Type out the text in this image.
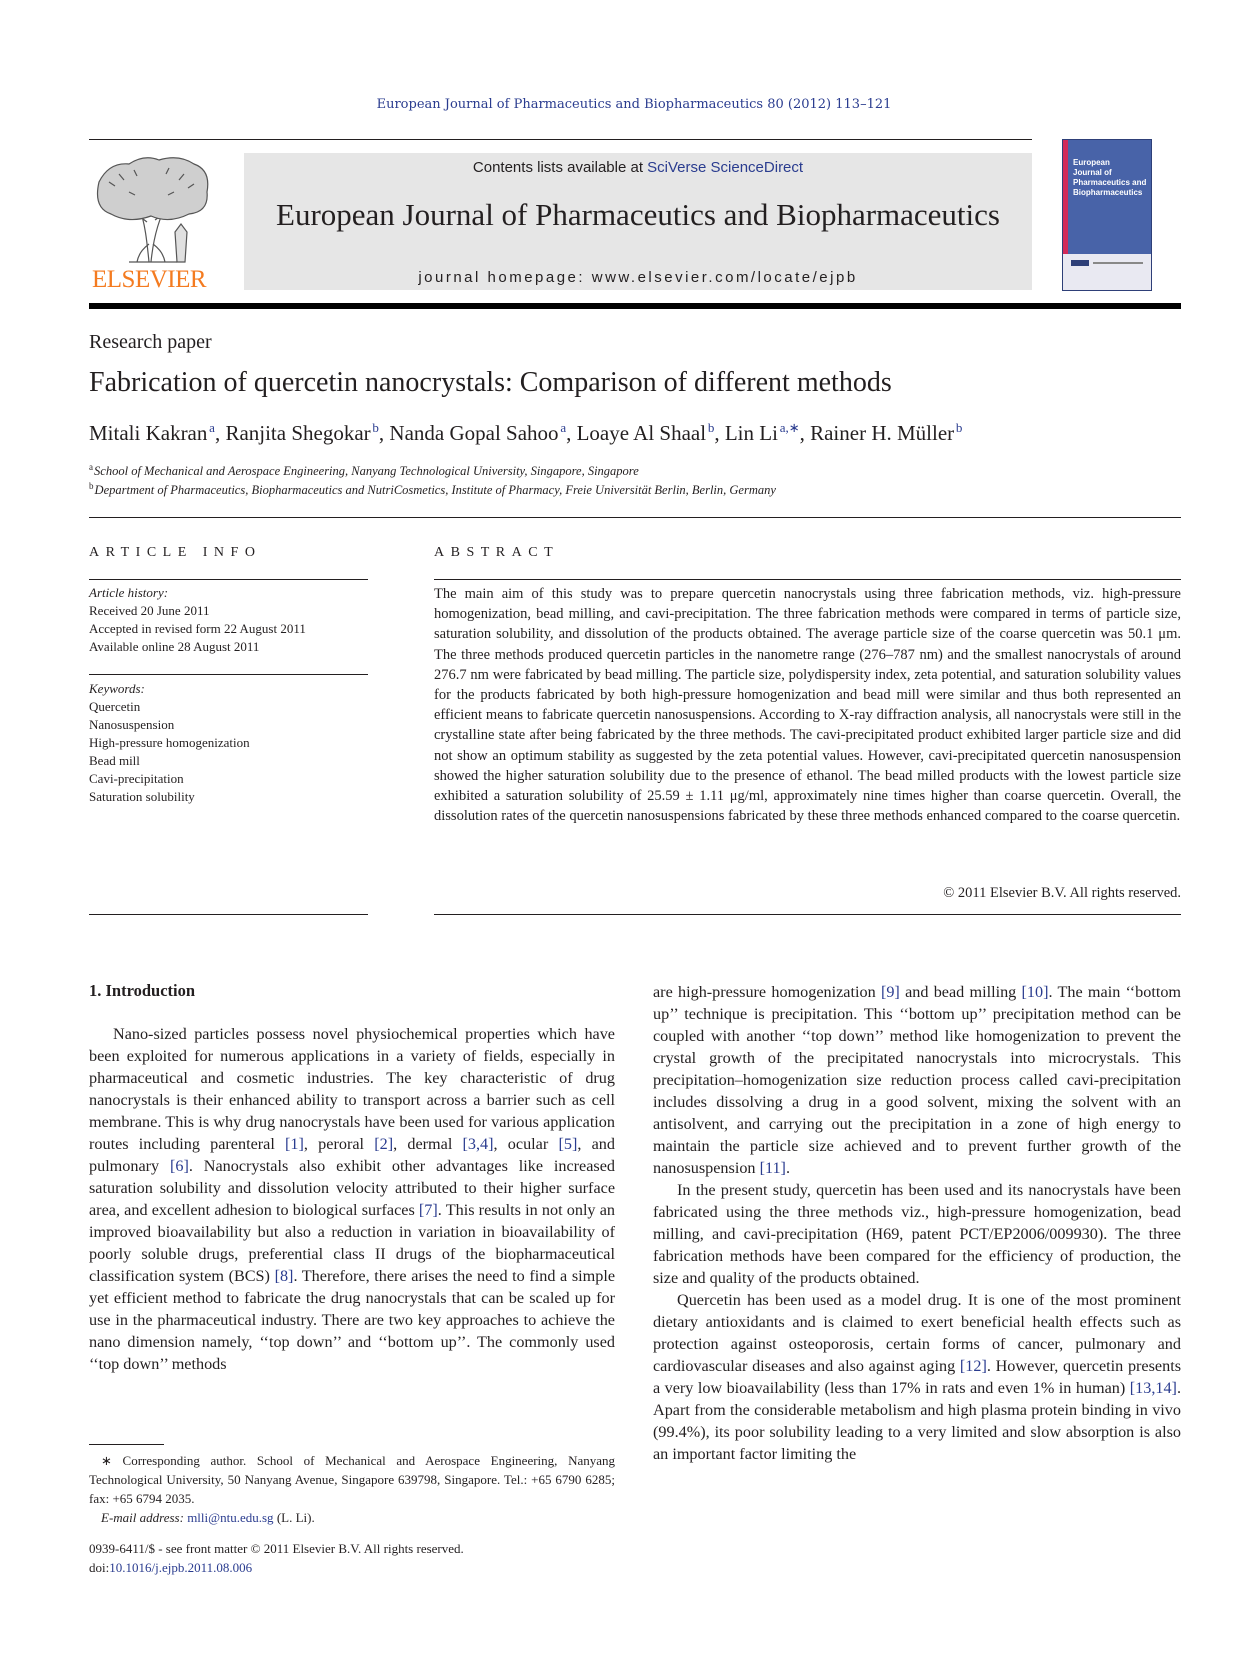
European Journal of Pharmaceutics and Biopharmaceutics 80 (2012) 113–121
ELSEVIER
Contents lists available at SciVerse ScienceDirect
European Journal of Pharmaceutics and Biopharmaceutics
journal homepage: www.elsevier.com/locate/ejpb
European
Journal of
Pharmaceutics and
Biopharmaceutics
Research paper
Fabrication of quercetin nanocrystals: Comparison of different methods
Mitali Kakran  $^a$, Ranjita Shegokar  $^b$, Nanda Gopal Sahoo  $^a$, Loaye Al Shaal  $^b$, Lin Li  $^{a,∗}$, Rainer H. Müller  $^b$
$^a$ School of Mechanical and Aerospace Engineering, Nanyang Technological University, Singapore, Singapore
$^b$ Department of Pharmaceutics, Biopharmaceutics and NutriCosmetics, Institute of Pharmacy, Freie Universität Berlin, Berlin, Germany
ARTICLE INFO	ABSTRACT
Article history:
Received 20 June 2011
Accepted in revised form 22 August 2011
Available online 28 August 2011
Keywords:
Quercetin
Nanosuspension
High-pressure homogenization
Bead mill
Cavi-precipitation
Saturation solubility
The main aim of this study was to prepare quercetin nanocrystals using three fabrication methods, viz. high-pressure homogenization, bead milling, and cavi-precipitation. The three fabrication methods were compared in terms of particle size, saturation solubility, and dissolution of the products obtained. The average particle size of the coarse quercetin was 50.1 μm. The three methods produced quercetin particles in the nanometre range (276–787 nm) and the smallest nanocrystals of around 276.7 nm were fabricated by bead milling. The particle size, polydispersity index, zeta potential, and saturation solubility values for the products fabricated by both high-pressure homogenization and bead mill were similar and thus both represented an efficient means to fabricate quercetin nanosuspensions. According to X-ray diffraction analysis, all nanocrystals were still in the crystalline state after being fabricated by the three methods. The cavi-precipitated product exhibited larger particle size and did not show an optimum stability as suggested by the zeta potential values. However, cavi-precipitated quercetin nanosuspension showed the higher saturation solubility due to the presence of ethanol. The bead milled products with the lowest particle size exhibited a saturation solubility of 25.59 ± 1.11 μg/ml, approximately nine times higher than coarse quercetin. Overall, the dissolution rates of the quercetin nanosuspensions fabricated by these three methods enhanced compared to the coarse quercetin.
© 2011 Elsevier B.V. All rights reserved.
1. Introduction

Nano-sized particles possess novel physiochemical properties which have been exploited for numerous applications in a variety of fields, especially in pharmaceutical and cosmetic industries. The key characteristic of drug nanocrystals is their enhanced ability to transport across a barrier such as cell membrane. This is why drug nanocrystals have been used for various application routes including parenteral [1], peroral [2], dermal [3,4], ocular [5], and pulmonary [6]. Nanocrystals also exhibit other advantages like increased saturation solubility and dissolution velocity attributed to their higher surface area, and excellent adhesion to biological surfaces [7]. This results in not only an improved bioavailability but also a reduction in variation in bioavailability of poorly soluble drugs, preferential class II drugs of the biopharmaceutical classification system (BCS) [8]. Therefore, there arises the need to find a simple yet efficient method to fabricate the drug nanocrystals that can be scaled up for use in the pharmaceutical industry. There are two key approaches to achieve the nano dimension namely, ‘‘top down’’ and ‘‘bottom up’’. The commonly used ‘‘top down’’ methods

are high-pressure homogenization [9] and bead milling [10]. The main ‘‘bottom up’’ technique is precipitation. This ‘‘bottom up’’ precipitation method can be coupled with another ‘‘top down’’ method like homogenization to prevent the crystal growth of the precipitated nanocrystals into microcrystals. This precipitation–homogenization size reduction process called cavi-precipitation includes dissolving a drug in a good solvent, mixing the solvent with an antisolvent, and carrying out the precipitation in a zone of high energy to maintain the particle size achieved and to prevent further growth of the nanosuspension [11].

In the present study, quercetin has been used and its nanocrystals have been fabricated using the three methods viz., high-pressure homogenization, bead milling, and cavi-precipitation (H69, patent PCT/EP2006/009930). The three fabrication methods have been compared for the efficiency of production, the size and quality of the products obtained.

Quercetin has been used as a model drug. It is one of the most prominent dietary antioxidants and is claimed to exert beneficial health effects such as protection against osteoporosis, certain forms of cancer, pulmonary and cardiovascular diseases and also against aging [12]. However, quercetin presents a very low bioavailability (less than 17% in rats and even 1% in human) [13,14]. Apart from the considerable metabolism and high plasma protein binding in vivo (99.4%), its poor solubility leading to a very limited and slow absorption is also an important factor limiting the

∗ Corresponding author. School of Mechanical and Aerospace Engineering, Nanyang Technological University, 50 Nanyang Avenue, Singapore 639798, Singapore. Tel.: +65 6790 6285; fax: +65 6794 2035.

E-mail address: mlli@ntu.edu.sg (L. Li).

0939-6411/$ - see front matter © 2011 Elsevier B.V. All rights reserved.
doi:10.1016/j.ejpb.2011.08.006
